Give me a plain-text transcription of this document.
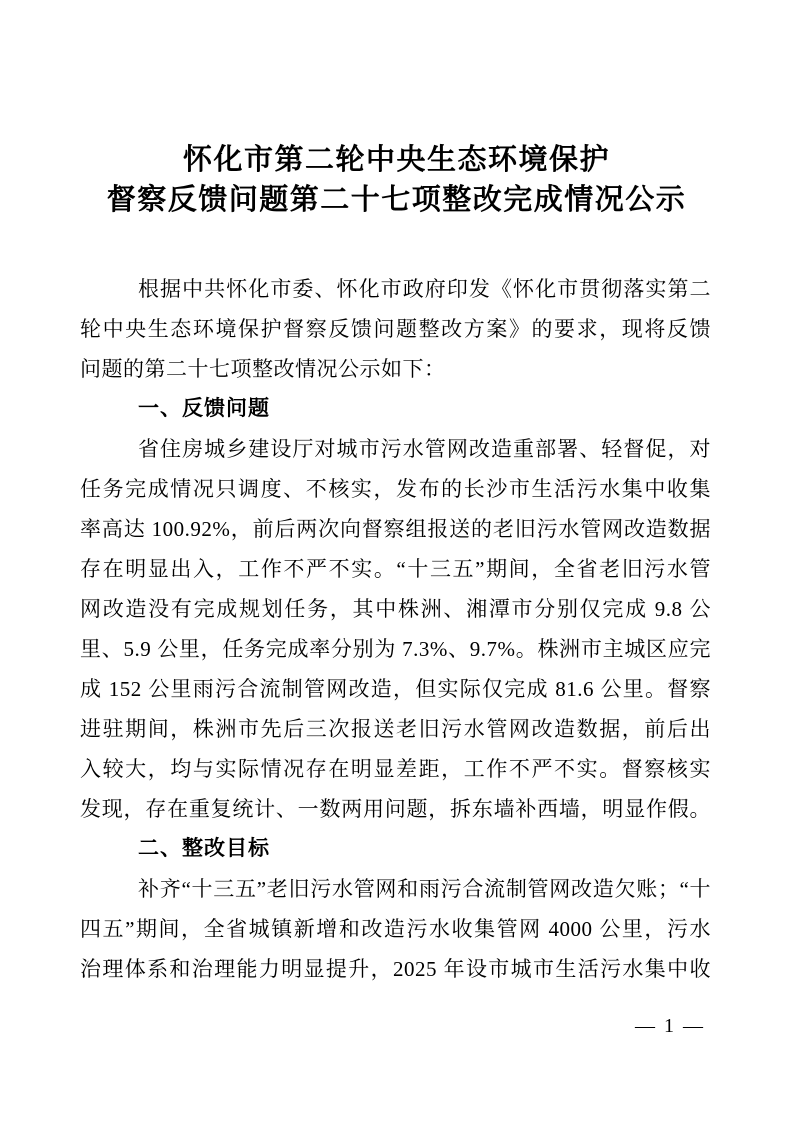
怀化市第二轮中央生态环境保护
督察反馈问题第二十七项整改完成情况公示
根据中共怀化市委、怀化市政府印发《怀化市贯彻落实第二
轮中央生态环境保护督察反馈问题整改方案》的要求，现将反馈
问题的第二十七项整改情况公示如下：
一、反馈问题
省住房城乡建设厅对城市污水管网改造重部署、轻督促，对
任务完成情况只调度、不核实，发布的长沙市生活污水集中收集
率高达 100.92%，前后两次向督察组报送的老旧污水管网改造数据
存在明显出入，工作不严不实。“十三五”期间，全省老旧污水管
网改造没有完成规划任务，其中株洲、湘潭市分别仅完成 9.8 公
里、5.9 公里，任务完成率分别为 7.3%、9.7%。株洲市主城区应完
成 152 公里雨污合流制管网改造，但实际仅完成 81.6 公里。督察
进驻期间，株洲市先后三次报送老旧污水管网改造数据，前后出
入较大，均与实际情况存在明显差距，工作不严不实。督察核实
发现，存在重复统计、一数两用问题，拆东墙补西墙，明显作假。
二、整改目标
补齐“十三五”老旧污水管网和雨污合流制管网改造欠账；“十
四五”期间，全省城镇新增和改造污水收集管网 4000 公里，污水
治理体系和治理能力明显提升，2025 年设市城市生活污水集中收
— 1 —
